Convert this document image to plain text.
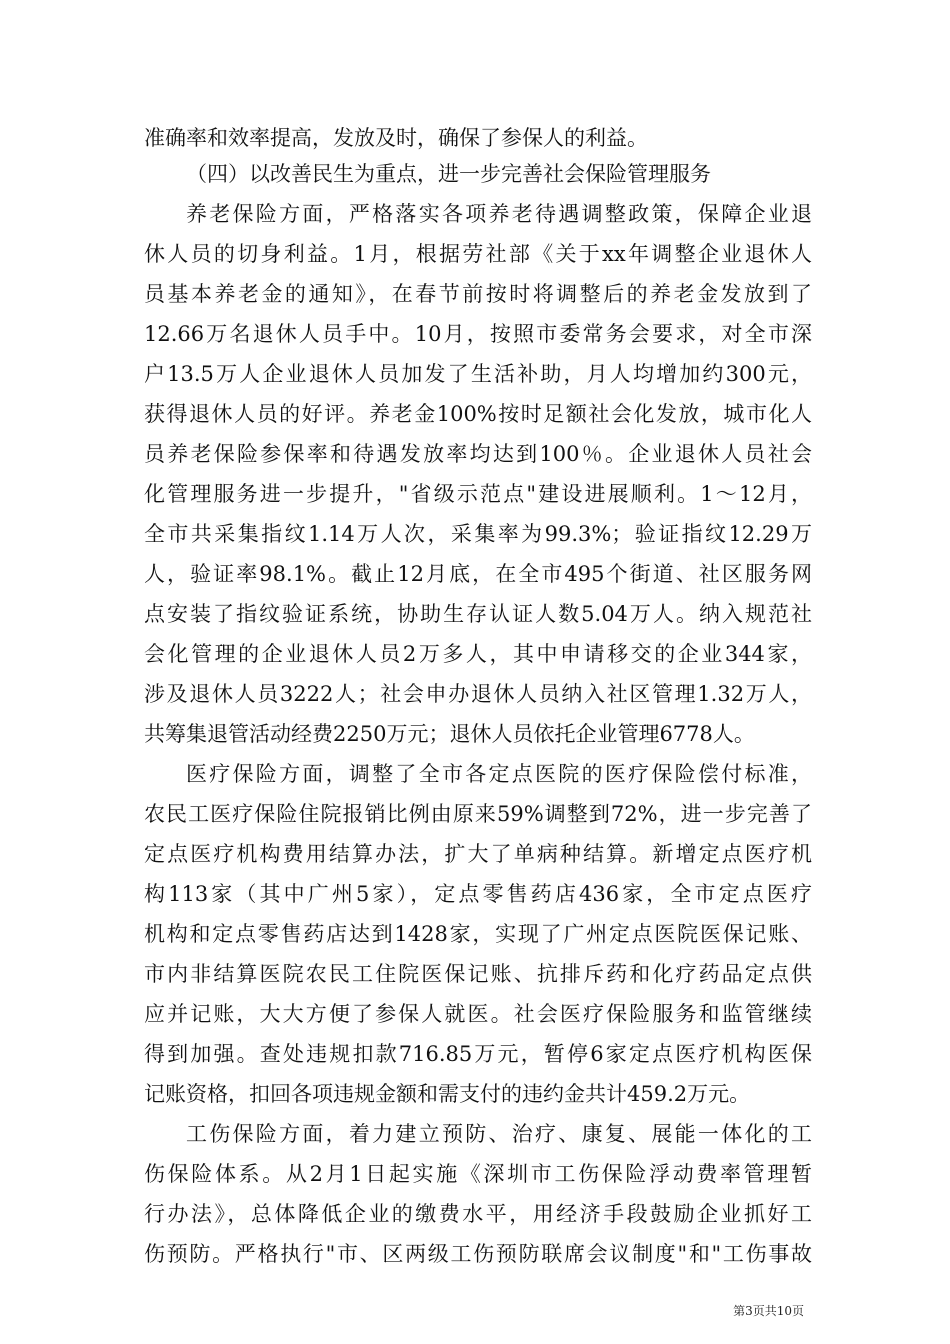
准确率和效率提高，发放及时，确保了参保人的利益。
（四）以改善民生为重点，进一步完善社会保险管理服务
养老保险方面，严格落实各项养老待遇调整政策，保障企业退
休人员的切身利益。1月，根据劳社部《关于xx年调整企业退休人
员基本养老金的通知》，在春节前按时将调整后的养老金发放到了
12.66万名退休人员手中。10月，按照市委常务会要求，对全市深
户13.5万人企业退休人员加发了生活补助，月人均增加约300元，
获得退休人员的好评。养老金100%按时足额社会化发放，城市化人
员养老保险参保率和待遇发放率均达到100％。企业退休人员社会
化管理服务进一步提升，"省级示范点"建设进展顺利。1～12月，
全市共采集指纹1.14万人次，采集率为99.3%；验证指纹12.29万
人，验证率98.1%。截止12月底，在全市495个街道、社区服务网
点安装了指纹验证系统，协助生存认证人数5.04万人。纳入规范社
会化管理的企业退休人员2万多人，其中申请移交的企业344家，
涉及退休人员3222人；社会申办退休人员纳入社区管理1.32万人，
共筹集退管活动经费2250万元；退休人员依托企业管理6778人。
医疗保险方面，调整了全市各定点医院的医疗保险偿付标准，
农民工医疗保险住院报销比例由原来59%调整到72%，进一步完善了
定点医疗机构费用结算办法，扩大了单病种结算。新增定点医疗机
构113家（其中广州5家），定点零售药店436家，全市定点医疗
机构和定点零售药店达到1428家，实现了广州定点医院医保记账、
市内非结算医院农民工住院医保记账、抗排斥药和化疗药品定点供
应并记账，大大方便了参保人就医。社会医疗保险服务和监管继续
得到加强。查处违规扣款716.85万元，暂停6家定点医疗机构医保
记账资格，扣回各项违规金额和需支付的违约金共计459.2万元。
工伤保险方面，着力建立预防、治疗、康复、展能一体化的工
伤保险体系。从2月1日起实施《深圳市工伤保险浮动费率管理暂
行办法》，总体降低企业的缴费水平，用经济手段鼓励企业抓好工
伤预防。严格执行"市、区两级工伤预防联席会议制度"和"工伤事故
第3页共10页
